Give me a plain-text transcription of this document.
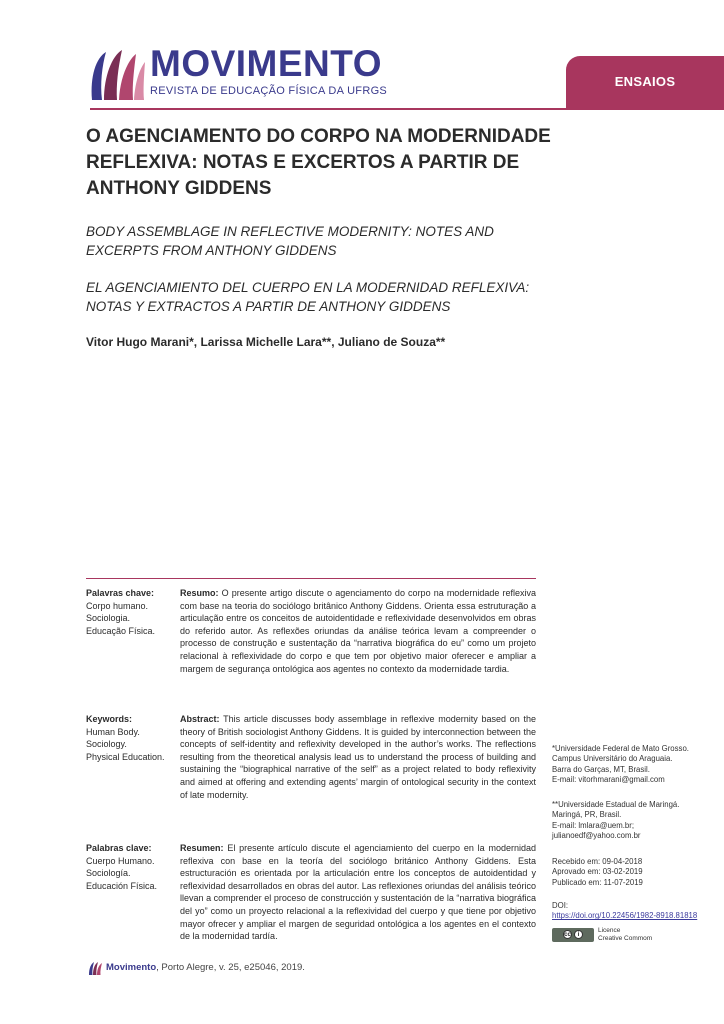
MOVIMENTO
REVISTA DE EDUCAÇÃO FÍSICA DA UFRGS
ENSAIOS
O AGENCIAMENTO DO CORPO NA MODERNIDADE REFLEXIVA: NOTAS E EXCERTOS A PARTIR DE ANTHONY GIDDENS
BODY ASSEMBLAGE IN REFLECTIVE MODERNITY: NOTES AND EXCERPTS FROM ANTHONY GIDDENS
EL AGENCIAMIENTO DEL CUERPO EN LA MODERNIDAD REFLEXIVA: NOTAS Y EXTRACTOS A PARTIR DE ANTHONY GIDDENS
Vitor Hugo Marani*, Larissa Michelle Lara**, Juliano de Souza**
Palavras chave:
Corpo humano.
Sociologia.
Educação Física.
Resumo: O presente artigo discute o agenciamento do corpo na modernidade reflexiva com base na teoria do sociólogo britânico Anthony Giddens. Orienta essa estruturação a articulação entre os conceitos de autoidentidade e reflexividade desenvolvidos em obras do referido autor. As reflexões oriundas da análise teórica levam a compreender o processo de construção e sustentação da “narrativa biográfica do eu” como um projeto relacional à reflexividade do corpo e que tem por objetivo maior oferecer e ampliar a margem de segurança ontológica aos agentes no contexto da modernidade tardia.
Keywords:
Human Body.
Sociology.
Physical Education.
Abstract: This article discusses body assemblage in reflexive modernity based on the theory of British sociologist Anthony Giddens. It is guided by interconnection between the concepts of self-identity and reflexivity developed in the author’s works. The reflections resulting from the theoretical analysis lead us to understand the process of building and sustaining the “biographical narrative of the self” as a project related to body reflexivity and aimed at offering and extending agents’ margin of ontological security in the context of late modernity.
Palabras clave:
Cuerpo Humano.
Sociología.
Educación Física.
Resumen: El presente artículo discute el agenciamiento del cuerpo en la modernidad reflexiva con base en la teoría del sociólogo británico Anthony Giddens. Esta estructuración es orientada por la articulación entre los conceptos de autoidentidad y reflexividad desarrollados en obras del autor. Las reflexiones oriundas del análisis teórico llevan a comprender el proceso de construcción y sustentación de la “narrativa biográfica del yo” como un proyecto relacional a la reflexividad del cuerpo y que tiene por objetivo mayor ofrecer y ampliar el margen de seguridad ontológica a los agentes en el contexto de la modernidad tardía.
*Universidade Federal de Mato Grosso.
Campus Universitário do Araguaia.
Barra do Garças, MT, Brasil.
E-mail: vitorhmarani@gmail.com
**Universidade Estadual de Maringá.
Maringá, PR, Brasil.
E-mail: lmlara@uem.br;
julianoedf@yahoo.com.br
Recebido em: 09-04-2018
Aprovado em: 03-02-2019
Publicado em: 11-07-2019
DOI:
https://doi.org/10.22456/1982-8918.81818
cc	i
Licence
Creative Commom
Movimento, Porto Alegre, v. 25, e25046, 2019.
